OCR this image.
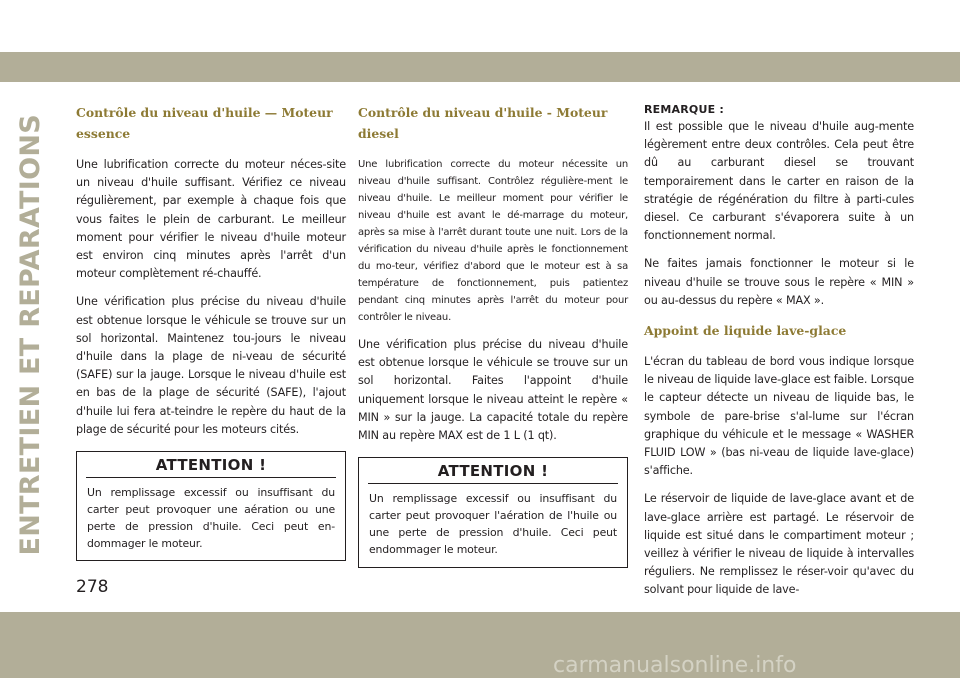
ENTRETIEN ET REPARATIONS
Contrôle du niveau d'huile — Moteur essence

Une lubrification correcte du moteur néces-site un niveau d'huile suffisant. Vérifiez ce niveau régulièrement, par exemple à chaque fois que vous faites le plein de carburant. Le meilleur moment pour vérifier le niveau d'huile moteur est environ cinq minutes après l'arrêt d'un moteur complètement ré-chauffé.

Une vérification plus précise du niveau d'huile est obtenue lorsque le véhicule se trouve sur un sol horizontal. Maintenez tou-jours le niveau d'huile dans la plage de ni-veau de sécurité (SAFE) sur la jauge. Lorsque le niveau d'huile est en bas de la plage de sécurité (SAFE), l'ajout d'huile lui fera at-teindre le repère du haut de la plage de sécurité pour les moteurs cités.

ATTENTION !
Un remplissage excessif ou insuffisant du carter peut provoquer une aération ou une perte de pression d'huile. Ceci peut en-dommager le moteur.
Contrôle du niveau d'huile - Moteur diesel

Une lubrification correcte du moteur nécessite un niveau d'huile suffisant. Contrôlez régulière-ment le niveau d'huile. Le meilleur moment pour vérifier le niveau d'huile est avant le dé-marrage du moteur, après sa mise à l'arrêt durant toute une nuit. Lors de la vérification du niveau d'huile après le fonctionnement du mo-teur, vérifiez d'abord que le moteur est à sa température de fonctionnement, puis patientez pendant cinq minutes après l'arrêt du moteur pour contrôler le niveau.

Une vérification plus précise du niveau d'huile est obtenue lorsque le véhicule se trouve sur un sol horizontal. Faites l'appoint d'huile uniquement lorsque le niveau atteint le repère « MIN » sur la jauge. La capacité totale du repère MIN au repère MAX est de 1 L (1 qt).

ATTENTION !
Un remplissage excessif ou insuffisant du carter peut provoquer l'aération de l'huile ou une perte de pression d'huile. Ceci peut endommager le moteur.
REMARQUE :

Il est possible que le niveau d'huile aug-mente légèrement entre deux contrôles. Cela peut être dû au carburant diesel se trouvant temporairement dans le carter en raison de la stratégie de régénération du filtre à parti-cules diesel. Ce carburant s'évaporera suite à un fonctionnement normal.

Ne faites jamais fonctionner le moteur si le niveau d'huile se trouve sous le repère « MIN » ou au-dessus du repère « MAX ».

Appoint de liquide lave-glace

L'écran du tableau de bord vous indique lorsque le niveau de liquide lave-glace est faible. Lorsque le capteur détecte un niveau de liquide bas, le symbole de pare-brise s'al-lume sur l'écran graphique du véhicule et le message « WASHER FLUID LOW » (bas ni-veau de liquide lave-glace) s'affiche.

Le réservoir de liquide de lave-glace avant et de lave-glace arrière est partagé. Le réservoir de liquide est situé dans le compartiment moteur ; veillez à vérifier le niveau de liquide à intervalles réguliers. Ne remplissez le réser-voir qu'avec du solvant pour liquide de lave-

278
carmanualsonline.info
